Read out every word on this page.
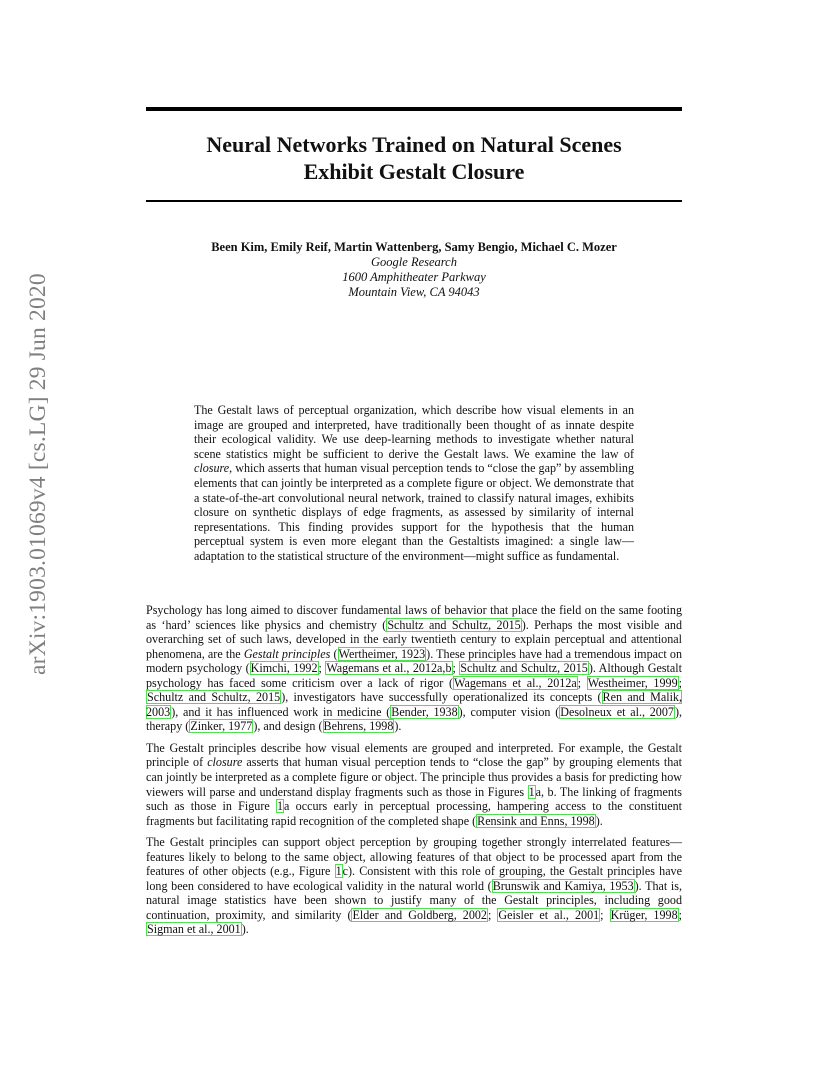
arXiv:1903.01069v4 [cs.LG] 29 Jun 2020
Neural Networks Trained on Natural Scenes
Exhibit Gestalt Closure
Been Kim, Emily Reif, Martin Wattenberg, Samy Bengio, Michael C. Mozer
Google Research
1600 Amphitheater Parkway
Mountain View, CA 94043
The Gestalt laws of perceptual organization, which describe how visual elements in an image are grouped and interpreted, have traditionally been thought of as innate despite their ecological validity. We use deep-learning methods to investigate whether natural scene statistics might be sufficient to derive the Gestalt laws. We examine the law of closure, which asserts that human visual perception tends to “close the gap” by assembling elements that can jointly be interpreted as a complete figure or object. We demonstrate that a state-of-the-art convolutional neural network, trained to classify natural images, exhibits closure on synthetic displays of edge fragments, as assessed by similarity of internal representations. This finding provides support for the hypothesis that the human perceptual system is even more elegant than the Gestaltists imagined: a single law—adaptation to the statistical structure of the environment—might suffice as fundamental.

Psychology has long aimed to discover fundamental laws of behavior that place the field on the same footing as ‘hard’ sciences like physics and chemistry (Schultz and Schultz, 2015). Perhaps the most visible and overarching set of such laws, developed in the early twentieth century to explain perceptual and attentional phenomena, are the Gestalt principles (Wertheimer, 1923). These principles have had a tremendous impact on modern psychology (Kimchi, 1992; Wagemans et al., 2012a,b; Schultz and Schultz, 2015). Although Gestalt psychology has faced some criticism over a lack of rigor (Wagemans et al., 2012a; Westheimer, 1999; Schultz and Schultz, 2015), investigators have successfully operationalized its concepts (Ren and Malik, 2003), and it has influenced work in medicine (Bender, 1938), computer vision (Desolneux et al., 2007), therapy (Zinker, 1977), and design (Behrens, 1998).

The Gestalt principles describe how visual elements are grouped and interpreted. For example, the Gestalt principle of closure asserts that human visual perception tends to “close the gap” by grouping elements that can jointly be interpreted as a complete figure or object. The principle thus provides a basis for predicting how viewers will parse and understand display fragments such as those in Figures 1a, b. The linking of fragments such as those in Figure 1a occurs early in perceptual processing, hampering access to the constituent fragments but facilitating rapid recognition of the completed shape (Rensink and Enns, 1998).

The Gestalt principles can support object perception by grouping together strongly interrelated features—features likely to belong to the same object, allowing features of that object to be processed apart from the features of other objects (e.g., Figure 1c). Consistent with this role of grouping, the Gestalt principles have long been considered to have ecological validity in the natural world (Brunswik and Kamiya, 1953). That is, natural image statistics have been shown to justify many of the Gestalt principles, including good continuation, proximity, and similarity (Elder and Goldberg, 2002; Geisler et al., 2001; Krüger, 1998; Sigman et al., 2001).
